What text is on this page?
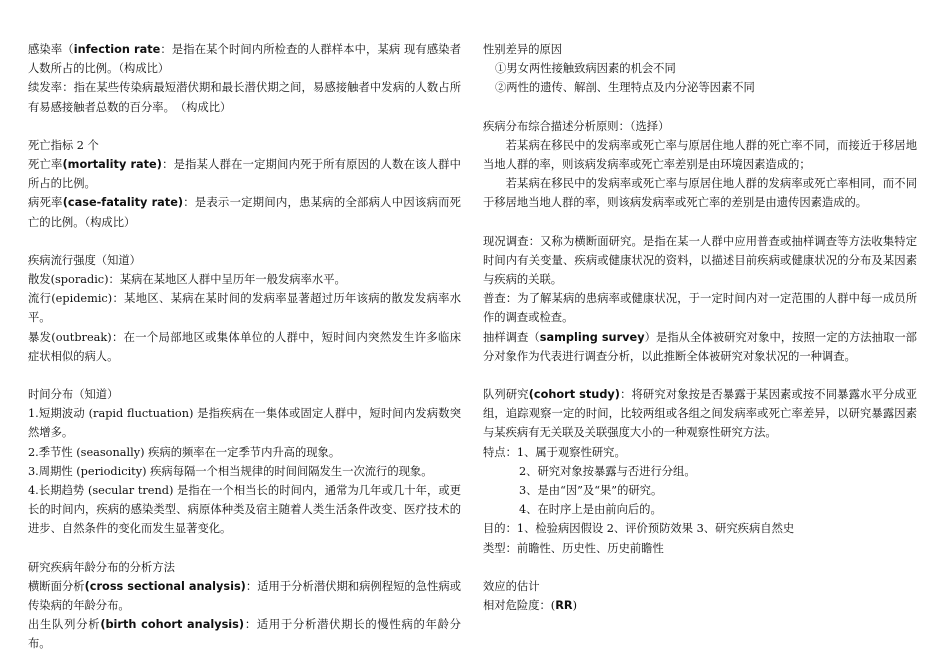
感染率（infection rate：是指在某个时间内所检查的人群样本中，某病 现有感染者人数所占的比例。（构成比）

续发率：指在某些传染病最短潜伏期和最长潜伏期之间，易感接触者中发病的人数占所有易感接触者总数的百分率。　（构成比）

死亡指标 2 个

死亡率(mortality rate)：是指某人群在一定期间内死于所有原因的人数在该人群中所占的比例。

病死率(case-fatality rate)：是表示一定期间内，患某病的全部病人中因该病而死亡的比例。（构成比）

疾病流行强度（知道）

散发(sporadic)：某病在某地区人群中呈历年一般发病率水平。

流行(epidemic)：某地区、某病在某时间的发病率显著超过历年该病的散发发病率水平。

暴发(outbreak)：在一个局部地区或集体单位的人群中，短时间内突然发生许多临床症状相似的病人。

时间分布（知道）

1.短期波动 (rapid fluctuation) 是指疾病在一集体或固定人群中，短时间内发病数突然增多。

2.季节性 (seasonally) 疾病的频率在一定季节内升高的现象。

3.周期性 (periodicity) 疾病每隔一个相当规律的时间间隔发生一次流行的现象。

4.长期趋势 (secular trend) 是指在一个相当长的时间内，通常为几年或几十年，或更长的时间内，疾病的感染类型、病原体种类及宿主随着人类生活条件改变、医疗技术的进步、自然条件的变化而发生显著变化。

研究疾病年龄分布的分析方法

横断面分析(cross sectional analysis)：适用于分析潜伏期和病例程短的急性病或传染病的年龄分布。

出生队列分析(birth cohort analysis)：适用于分析潜伏期长的慢性病的年龄分布。

性别差异的原因

①男女两性接触致病因素的机会不同

②两性的遗传、解剖、生理特点及内分泌等因素不同

疾病分布综合描述分析原则：（选择）

若某病在移民中的发病率或死亡率与原居住地人群的死亡率不同，而接近于移居地当地人群的率，则该病发病率或死亡率差别是由环境因素造成的；

若某病在移民中的发病率或死亡率与原居住地人群的发病率或死亡率相同，而不同于移居地当地人群的率，则该病发病率或死亡率的差别是由遗传因素造成的。

现况调查：又称为横断面研究。是指在某一人群中应用普查或抽样调查等方法收集特定时间内有关变量、疾病或健康状况的资料，以描述目前疾病或健康状况的分布及某因素与疾病的关联。

普查：为了解某病的患病率或健康状况，于一定时间内对一定范围的人群中每一成员所作的调查或检查。

抽样调查（sampling survey）是指从全体被研究对象中，按照一定的方法抽取一部分对象作为代表进行调查分析，以此推断全体被研究对象状况的一种调查。

队列研究(cohort study)：将研究对象按是否暴露于某因素或按不同暴露水平分成亚组，追踪观察一定的时间，比较两组或各组之间发病率或死亡率差异，以研究暴露因素与某疾病有无关联及关联强度大小的一种观察性研究方法。

特点：1、属于观察性研究。

2、研究对象按暴露与否进行分组。

3、是由“因”及“果”的研究。

4、在时序上是由前向后的。

目的：1、检验病因假设 2、评价预防效果 3、研究疾病自然史

类型：前瞻性、历史性、历史前瞻性

效应的估计

相对危险度：(RR)
